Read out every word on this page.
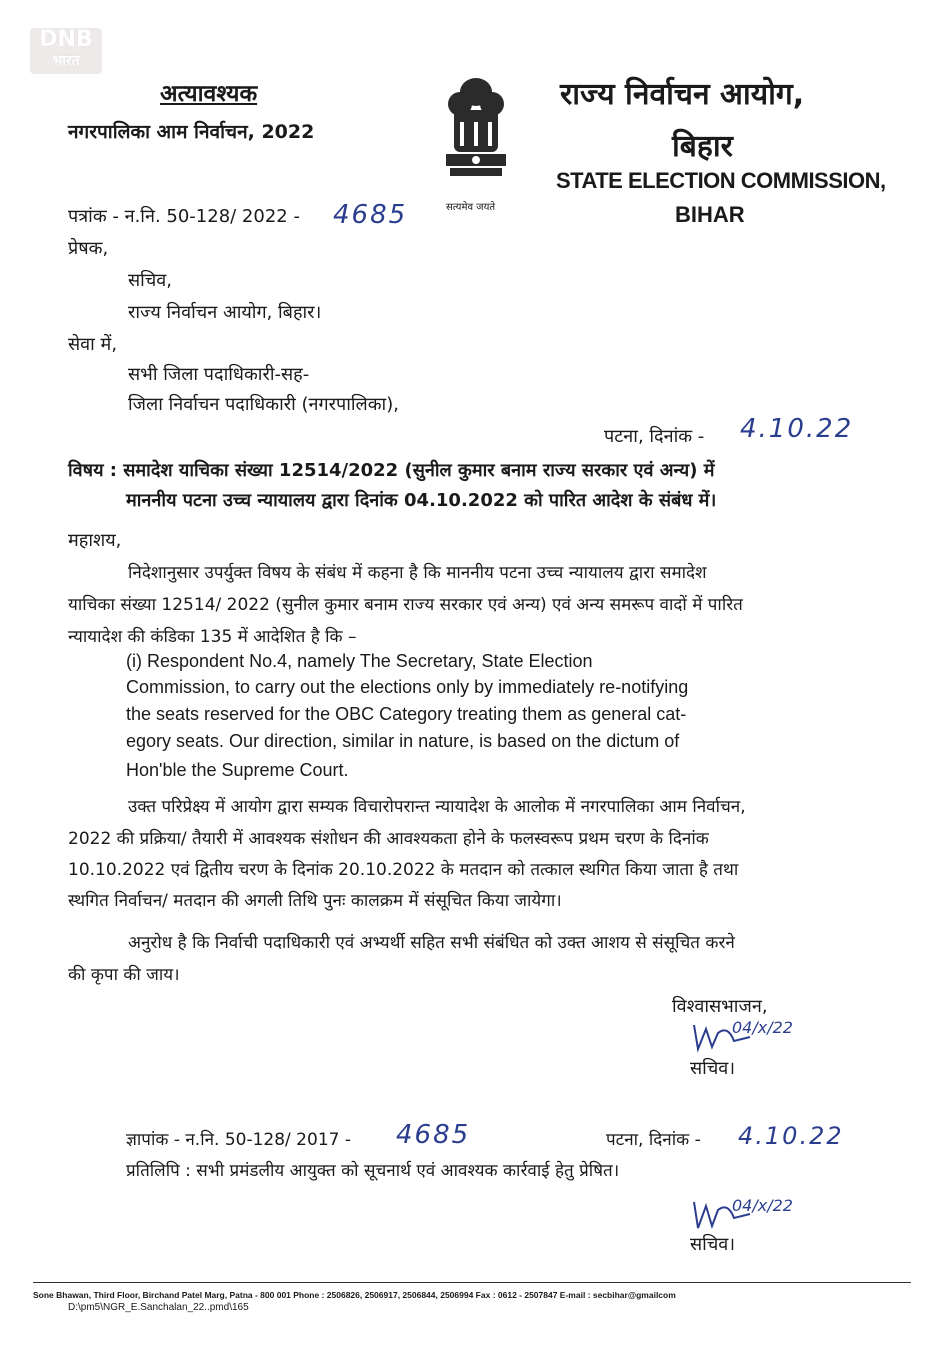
DNB
भारत
अत्यावश्यक
नगरपालिका आम निर्वाचन, 2022
सत्यमेव जयते
राज्य निर्वाचन आयोग,
बिहार
STATE ELECTION COMMISSION,
BIHAR
पत्रांक - न.नि. 50-128/ 2022 - 4685
प्रेषक,
सचिव,
राज्य निर्वाचन आयोग, बिहार।
सेवा में,
सभी जिला पदाधिकारी-सह-
जिला निर्वाचन पदाधिकारी (नगरपालिका),
पटना, दिनांक - 4.10.22
विषय : समादेश याचिका संख्या 12514/2022 (सुनील कुमार बनाम राज्य सरकार एवं अन्य) में
माननीय पटना उच्च न्यायालय द्वारा दिनांक 04.10.2022 को पारित आदेश के संबंध में।
महाशय,
निदेशानुसार उपर्युक्त विषय के संबंध में कहना है कि माननीय पटना उच्च न्यायालय द्वारा समादेश
याचिका संख्या 12514/ 2022 (सुनील कुमार बनाम राज्य सरकार एवं अन्य) एवं अन्य समरूप वादों में पारित
न्यायादेश की कंडिका 135 में आदेशित है कि –
(i) Respondent No.4, namely The Secretary, State Election
Commission, to carry out the elections only by immediately re-notifying
the seats reserved for the OBC Category treating them as general cat-
egory seats. Our direction, similar in nature, is based on the dictum of
Hon'ble the Supreme Court.
उक्त परिप्रेक्ष्य में आयोग द्वारा सम्यक विचारोपरान्त न्यायादेश के आलोक में नगरपालिका आम निर्वाचन,
2022 की प्रक्रिया/ तैयारी में आवश्यक संशोधन की आवश्यकता होने के फलस्वरूप प्रथम चरण के दिनांक
10.10.2022 एवं द्वितीय चरण के दिनांक 20.10.2022 के मतदान को तत्काल स्थगित किया जाता है तथा
स्थगित निर्वाचन/ मतदान की अगली तिथि पुनः कालक्रम में संसूचित किया जायेगा।
अनुरोध है कि निर्वाची पदाधिकारी एवं अभ्यर्थी सहित सभी संबंधित को उक्त आशय से संसूचित करने
की कृपा की जाय।
विश्वासभाजन,
04/x/22
सचिव।
ज्ञापांक - न.नि. 50-128/ 2017 - 4685	पटना, दिनांक - 4.10.22
प्रतिलिपि : सभी प्रमंडलीय आयुक्त को सूचनार्थ एवं आवश्यक कार्रवाई हेतु प्रेषित।
04/x/22
सचिव।
Sone Bhawan, Third Floor, Birchand Patel Marg, Patna - 800 001 Phone : 2506826, 2506917, 2506844, 2506994 Fax : 0612 - 2507847 E-mail : secbihar@gmailcom
D:\pm5\NGR_E.Sanchalan_22..pmd\165
